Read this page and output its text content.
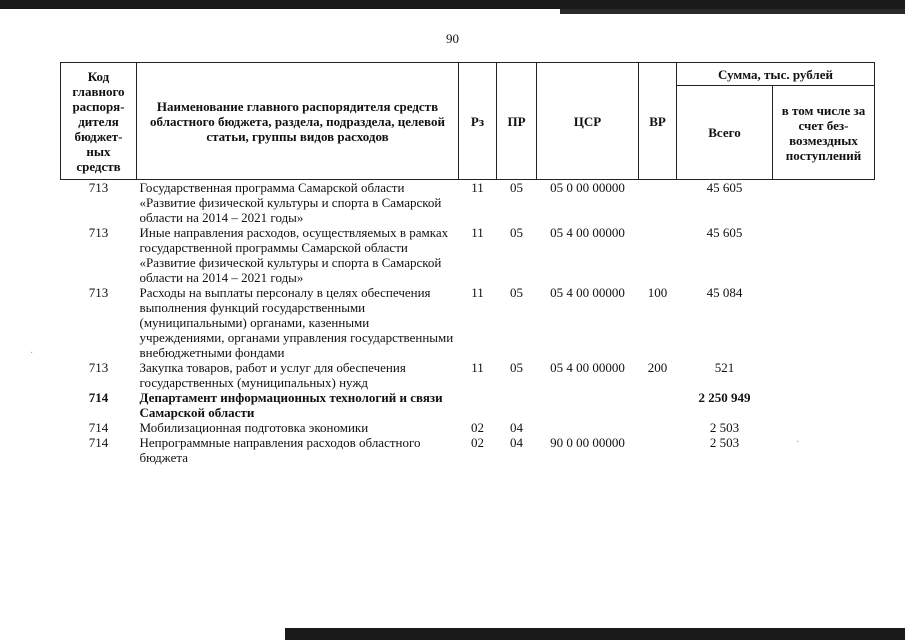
90
Код главного распоря-дителя бюджет-ных средств	Наименование главного распорядителя средств областного бюджета, раздела, подраздела, целевой статьи, группы видов расходов	Рз	ПР	ЦСР	ВР	Сумма, тыс. рублей	
						Всего	в том числе за счет без-возмездных поступлений
713	Государственная программа Самарской области «Развитие физической культуры и спорта в Самарской области на 2014 – 2021 годы»	11	05	05 0 00 00000		45 605	
713	Иные направления расходов, осуществляемых в рамках государственной программы Самарской области «Развитие физической культуры и спорта в Самарской области на 2014 – 2021 годы»	11	05	05 4 00 00000		45 605	
713	Расходы на выплаты персоналу в целях обеспечения выполнения функций государственными (муниципальными) органами, казенными учреждениями, органами управления государственными внебюджетными фондами	11	05	05 4 00 00000	100	45 084	
713	Закупка товаров, работ и услуг для обеспечения государственных (муниципальных) нужд	11	05	05 4 00 00000	200	521	
714	Департамент информационных технологий и связи Самарской области					2 250 949	
714	Мобилизационная подготовка экономики	02	04			2 503	
714	Непрограммные направления расходов областного бюджета	02	04	90 0 00 00000		2 503	
·
·
